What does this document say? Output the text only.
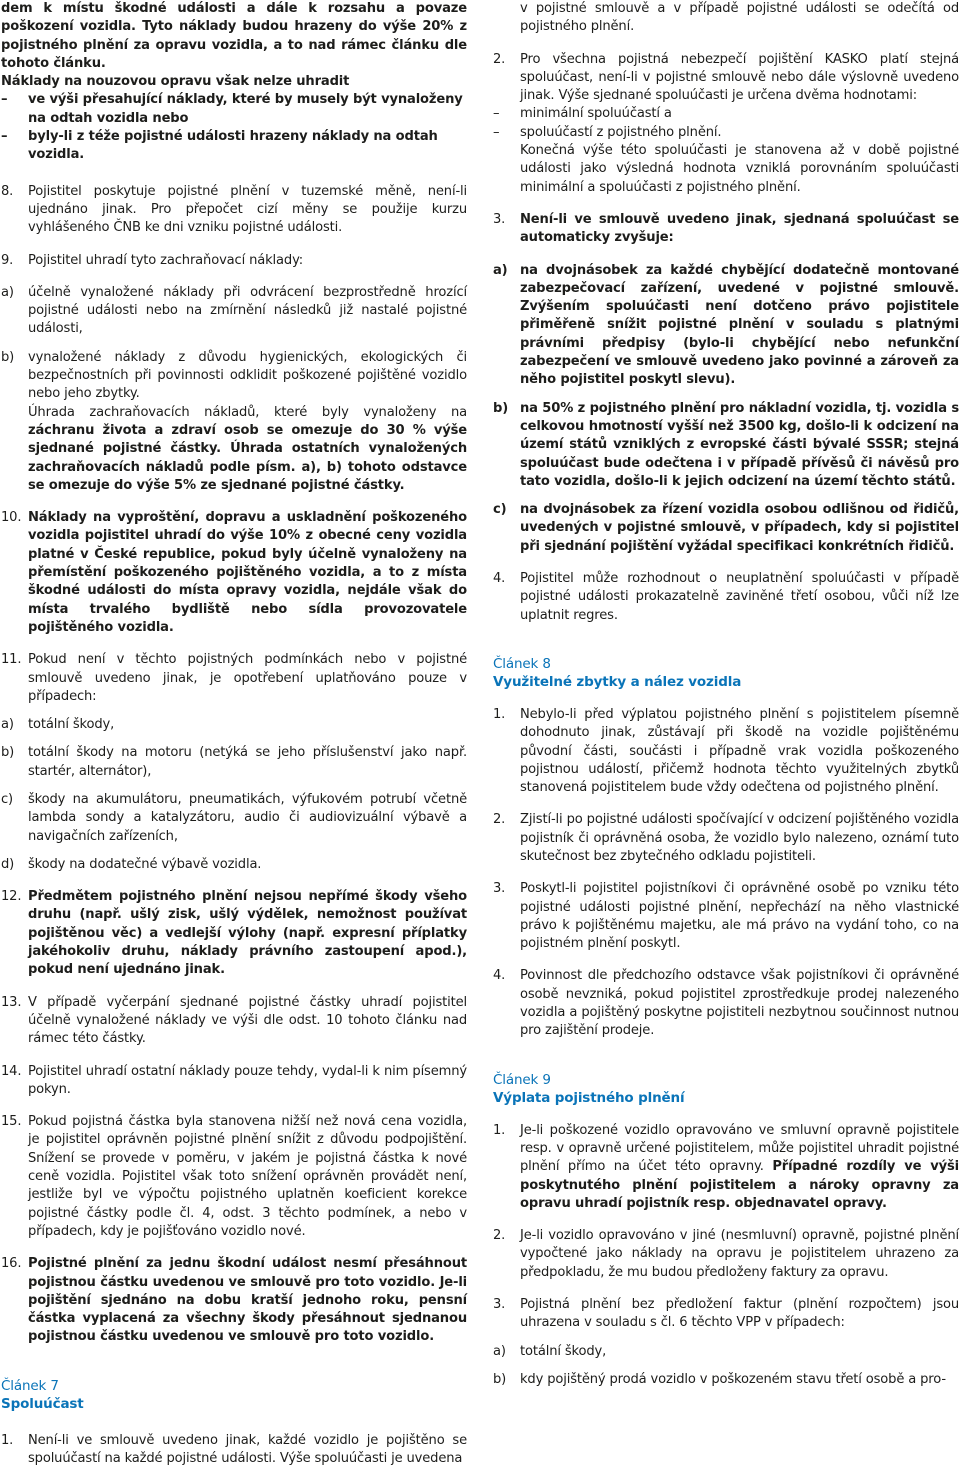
dem k místu škodné události a dále k rozsahu a povaze poškození vozidla. Tyto náklady budou hrazeny do výše 20% z pojistného plnění za opravu vozidla, a to nad rámec článku dle tohoto článku.

Náklady na nouzovou opravu však nelze uhradit

– ve výši přesahující náklady, které by musely být vynaloženy na odtah vozidla nebo
– byly-li z téže pojistné události hrazeny náklady na odtah vozidla.
8. Pojistitel poskytuje pojistné plnění v tuzemské měně, není-li ujednáno jinak. Pro přepočet cizí měny se použije kurzu vyhlášeného ČNB ke dni vzniku pojistné události.
9. Pojistitel uhradí tyto zachraňovací náklady:
a) účelně vynaložené náklady při odvrácení bezprostředně hrozící pojistné události nebo na zmírnění následků již nastalé pojistné události,
b) vynaložené náklady z důvodu hygienických, ekologických či bezpečnostních při povinnosti odklidit poškozené pojištěné vozidlo nebo jeho zbytky.

Úhrada zachraňovacích nákladů, které byly vynaloženy na záchranu života a zdraví osob se omezuje do 30 % výše sjednané pojistné částky. Úhrada ostatních vynaložených zachraňovacích nákladů podle písm. a), b) tohoto odstavce se omezuje do výše 5% ze sjednané pojistné částky.

10. Náklady na vyproštění, dopravu a uskladnění poškozeného vozidla pojistitel uhradí do výše 10% z obecné ceny vozidla platné v České republice, pokud byly účelně vynaloženy na přemístění poškozeného pojištěného vozidla, a to z místa škodné události do místa opravy vozidla, nejdále však do místa trvalého bydliště nebo sídla provozovatele pojištěného vozidla.
11. Pokud není v těchto pojistných podmínkách nebo v pojistné smlouvě uvedeno jinak, je opotřebení uplatňováno pouze v případech:
a) totální škody,
b) totální škody na motoru (netýká se jeho příslušenství jako např. startér, alternátor),
c) škody na akumulátoru, pneumatikách, výfukovém potrubí včetně lambda sondy a katalyzátoru, audio či audiovizuální výbavě a navigačních zařízeních,
d) škody na dodatečné výbavě vozidla.
12. Předmětem pojistného plnění nejsou nepřímé škody všeho druhu (např. ušlý zisk, ušlý výdělek, nemožnost používat pojištěnou věc) a vedlejší výlohy (např. expresní příplatky jakéhokoliv druhu, náklady právního zastoupení apod.), pokud není ujednáno jinak.
13. V případě vyčerpání sjednané pojistné částky uhradí pojistitel účelně vynaložené náklady ve výši dle odst. 10 tohoto článku nad rámec této částky.
14. Pojistitel uhradí ostatní náklady pouze tehdy, vydal-li k nim písemný pokyn.
15. Pokud pojistná částka byla stanovena nižší než nová cena vozidla, je pojistitel oprávněn pojistné plnění snížit z důvodu podpojištění. Snížení se provede v poměru, v jakém je pojistná částka k nové ceně vozidla. Pojistitel však toto snížení oprávněn provádět není, jestliže byl ve výpočtu pojistného uplatněn koeficient korekce pojistné částky podle čl. 4, odst. 3 těchto podmínek, a nebo v případech, kdy je pojišťováno vozidlo nové.
16. Pojistné plnění za jednu škodní událost nesmí přesáhnout pojistnou částku uvedenou ve smlouvě pro toto vozidlo. Je-li pojištění sjednáno na dobu kratší jednoho roku, pensní částka vyplacená za všechny škody přesáhnout sjednanou pojistnou částku uvedenou ve smlouvě pro toto vozidlo.
Článek 7
Spoluúčast
1. Není-li ve smlouvě uvedeno jinak, každé vozidlo je pojištěno se spoluúčastí na každé pojistné události. Výše spoluúčasti je uvedena

v pojistné smlouvě a v případě pojistné události se odečítá od pojistného plnění.

2. Pro všechna pojistná nebezpečí pojištění KASKO platí stejná spoluúčast, není-li v pojistné smlouvě nebo dále výslovně uvedeno jinak. Výše sjednané spoluúčasti je určena dvěma hodnotami:
– minimální spoluúčastí a
– spoluúčastí z pojistného plnění.

Konečná výše této spoluúčasti je stanovena až v době pojistné události jako výsledná hodnota vzniklá porovnáním spoluúčasti minimální a spoluúčasti z pojistného plnění.

3. Není-li ve smlouvě uvedeno jinak, sjednaná spoluúčast se automaticky zvyšuje:
a) na dvojnásobek za každé chybějící dodatečně montované zabezpečovací zařízení, uvedené v pojistné smlouvě. Zvýšením spoluúčasti není dotčeno právo pojistitele přiměřeně snížit pojistné plnění v souladu s platnými právními předpisy (bylo-li chybějící nebo nefunkční zabezpečení ve smlouvě uvedeno jako povinné a zároveň za něho pojistitel poskytl slevu).
b) na 50% z pojistného plnění pro nákladní vozidla, tj. vozidla s celkovou hmotností vyšší než 3500 kg, došlo-li k odcizení na území států vzniklých z evropské části bývalé SSSR; stejná spoluúčast bude odečtena i v případě přívěsů či návěsů pro tato vozidla, došlo-li k jejich odcizení na území těchto států.
c) na dvojnásobek za řízení vozidla osobou odlišnou od řidičů, uvedených v pojistné smlouvě, v případech, kdy si pojistitel při sjednání pojištění vyžádal specifikaci konkrétních řidičů.
4. Pojistitel může rozhodnout o neuplatnění spoluúčasti v případě pojistné události prokazatelně zaviněné třetí osobou, vůči níž lze uplatnit regres.
Článek 8
Využitelné zbytky a nález vozidla
1. Nebylo-li před výplatou pojistného plnění s pojistitelem písemně dohodnuto jinak, zůstávají při škodě na vozidle pojištěnému původní části, součásti i případně vrak vozidla poškozeného pojistnou událostí, přičemž hodnota těchto využitelných zbytků stanovená pojistitelem bude vždy odečtena od pojistného plnění.
2. Zjistí-li po pojistné události spočívající v odcizení pojištěného vozidla pojistník či oprávněná osoba, že vozidlo bylo nalezeno, oznámí tuto skutečnost bez zbytečného odkladu pojistiteli.
3. Poskytl-li pojistitel pojistníkovi či oprávněné osobě po vzniku této pojistné události pojistné plnění, nepřechází na něho vlastnické právo k pojištěnému majetku, ale má právo na vydání toho, co na pojistném plnění poskytl.
4. Povinnost dle předchozího odstavce však pojistníkovi či oprávněné osobě nevzniká, pokud pojistitel zprostředkuje prodej nalezeného vozidla a pojištěný poskytne pojistiteli nezbytnou součinnost nutnou pro zajištění prodeje.
Článek 9
Výplata pojistného plnění
1. Je-li poškozené vozidlo opravováno ve smluvní opravně pojistitele resp. v opravně určené pojistitelem, může pojistitel uhradit pojistné plnění přímo na účet této opravny. Případné rozdíly ve výši poskytnutého plnění pojistitelem a nároky opravny za opravu uhradí pojistník resp. objednavatel opravy.
2. Je-li vozidlo opravováno v jiné (nesmluvní) opravně, pojistné plnění vypočtené jako náklady na opravu je pojistitelem uhrazeno za předpokladu, že mu budou předloženy faktury za opravu.
3. Pojistná plnění bez předložení faktur (plnění rozpočtem) jsou uhrazena v souladu s čl. 6 těchto VPP v případech:
a) totální škody,
b) kdy pojištěný prodá vozidlo v poškozeném stavu třetí osobě a pro-
